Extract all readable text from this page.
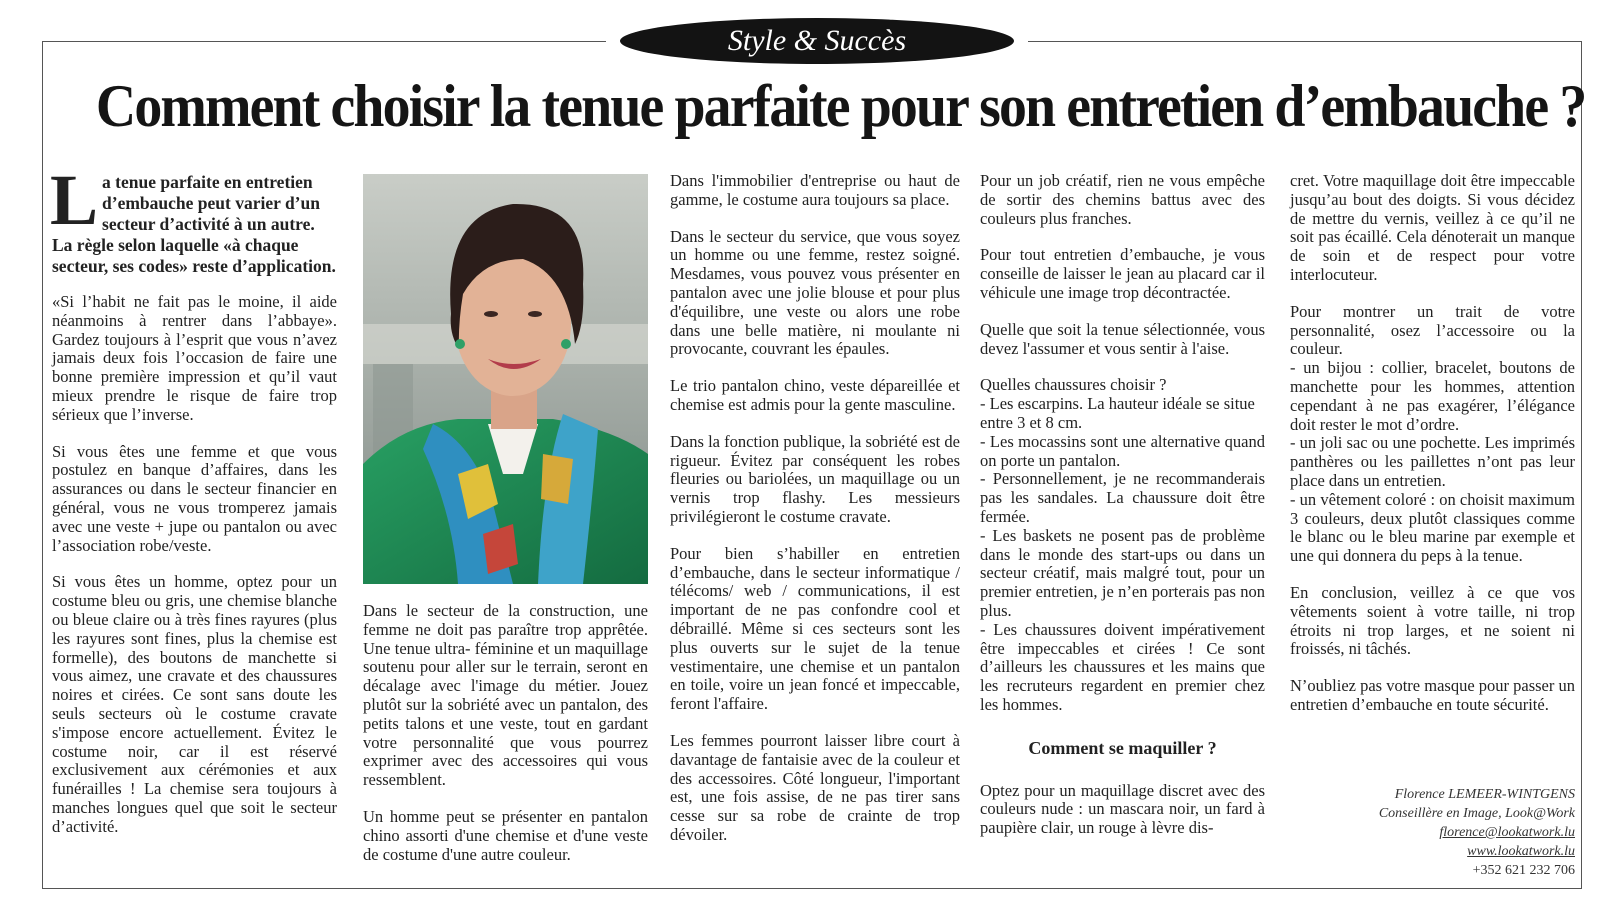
Style & Succès
Comment choisir la tenue parfaite pour son entretien d’embauche ?

La tenue parfaite en entretien d’embauche peut varier d’un secteur d’activité à un autre. La règle selon laquelle «à chaque secteur, ses codes» reste d’application.

«Si l’habit ne fait pas le moine, il aide néanmoins à rentrer dans l’abbaye». Gardez toujours à l’esprit que vous n’avez jamais deux fois l’occasion de faire une bonne première impression et qu’il vaut mieux prendre le risque de faire trop sérieux que l’inverse.

Si vous êtes une femme et que vous postulez en banque d’affaires, dans les assurances ou dans le secteur financier en général, vous ne vous tromperez jamais avec une veste + jupe ou pantalon ou avec l’association robe/veste.

Si vous êtes un homme, optez pour un costume bleu ou gris, une chemise blanche ou bleue claire ou à très fines rayures (plus les rayures sont fines, plus la chemise est formelle), des boutons de manchette si vous aimez, une cravate et des chaussures noires et cirées. Ce sont sans doute les seuls secteurs où le costume cravate s'impose encore actuellement. Évitez le costume noir, car il est réservé exclusivement aux cérémonies et aux funérailles ! La chemise sera toujours à manches longues quel que soit le secteur d’activité.

Dans le secteur de la construction, une femme ne doit pas paraître trop apprêtée. Une tenue ultra- féminine et un maquillage soutenu pour aller sur le terrain, seront en décalage avec l'image du métier. Jouez plutôt sur la sobriété avec un pantalon, des petits talons et une veste, tout en gardant votre personnalité que vous pourrez exprimer avec des accessoires qui vous ressemblent.

Un homme peut se présenter en pantalon chino assorti d'une chemise et d'une veste de costume d'une autre couleur.

Dans l'immobilier d'entreprise ou haut de gamme, le costume aura toujours sa place.

Dans le secteur du service, que vous soyez un homme ou une femme, restez soigné. Mesdames, vous pouvez vous présenter en pantalon avec une jolie blouse et pour plus d'équilibre, une veste ou alors une robe dans une belle matière, ni moulante ni provocante, couvrant les épaules.

Le trio pantalon chino, veste dépareillée et chemise est admis pour la gente masculine.

Dans la fonction publique, la sobriété est de rigueur. Évitez par conséquent les robes fleuries ou bariolées, un maquillage ou un vernis trop flashy. Les messieurs privilégieront le costume cravate.

Pour bien s’habiller en entretien d’embauche, dans le secteur informatique / télécoms/ web / communications, il est important de ne pas confondre cool et débraillé. Même si ces secteurs sont les plus ouverts sur le sujet de la tenue vestimentaire, une chemise et un pantalon en toile, voire un jean foncé et impeccable, feront l'affaire.

Les femmes pourront laisser libre court à davantage de fantaisie avec de la couleur et des accessoires. Côté longueur, l'important est, une fois assise, de ne pas tirer sans cesse sur sa robe de crainte de trop dévoiler.

Pour un job créatif, rien ne vous empêche de sortir des chemins battus avec des couleurs plus franches.

Pour tout entretien d’embauche, je vous conseille de laisser le jean au placard car il véhicule une image trop décontractée.

Quelle que soit la tenue sélectionnée, vous devez l'assumer et vous sentir à l'aise.

Quelles chaussures choisir ?

- Les escarpins. La hauteur idéale se situe entre 3 et 8 cm.

- Les mocassins sont une alternative quand on porte un pantalon.

- Personnellement, je ne recommanderais pas les sandales. La chaussure doit être fermée.

- Les baskets ne posent pas de problème dans le monde des start-ups ou dans un secteur créatif, mais malgré tout, pour un premier entretien, je n’en porterais pas non plus.

- Les chaussures doivent impérativement être impeccables et cirées ! Ce sont d’ailleurs les chaussures et les mains que les recruteurs regardent en premier chez les hommes.

Comment se maquiller ?

Optez pour un maquillage discret avec des couleurs nude : un mascara noir, un fard à paupière clair, un rouge à lèvre dis-

cret. Votre maquillage doit être impeccable jusqu’au bout des doigts. Si vous décidez de mettre du vernis, veillez à ce qu’il ne soit pas écaillé. Cela dénoterait un manque de soin et de respect pour votre interlocuteur.

Pour montrer un trait de votre personnalité, osez l’accessoire ou la couleur.

- un bijou : collier, bracelet, boutons de manchette pour les hommes, attention cependant à ne pas exagérer, l’élégance doit rester le mot d’ordre.

- un joli sac ou une pochette. Les imprimés panthères ou les paillettes n’ont pas leur place dans un entretien.

- un vêtement coloré : on choisit maximum 3 couleurs, deux plutôt classiques comme le blanc ou le bleu marine par exemple et une qui donnera du peps à la tenue.

En conclusion, veillez à ce que vos vêtements soient à votre taille, ni trop étroits ni trop larges, et ne soient ni froissés, ni tâchés.

N’oubliez pas votre masque pour passer un entretien d’embauche en toute sécurité.

Florence LEMEER-WINTGENS
Conseillère en Image, Look@Work
florence@lookatwork.lu
www.lookatwork.lu
+352 621 232 706
